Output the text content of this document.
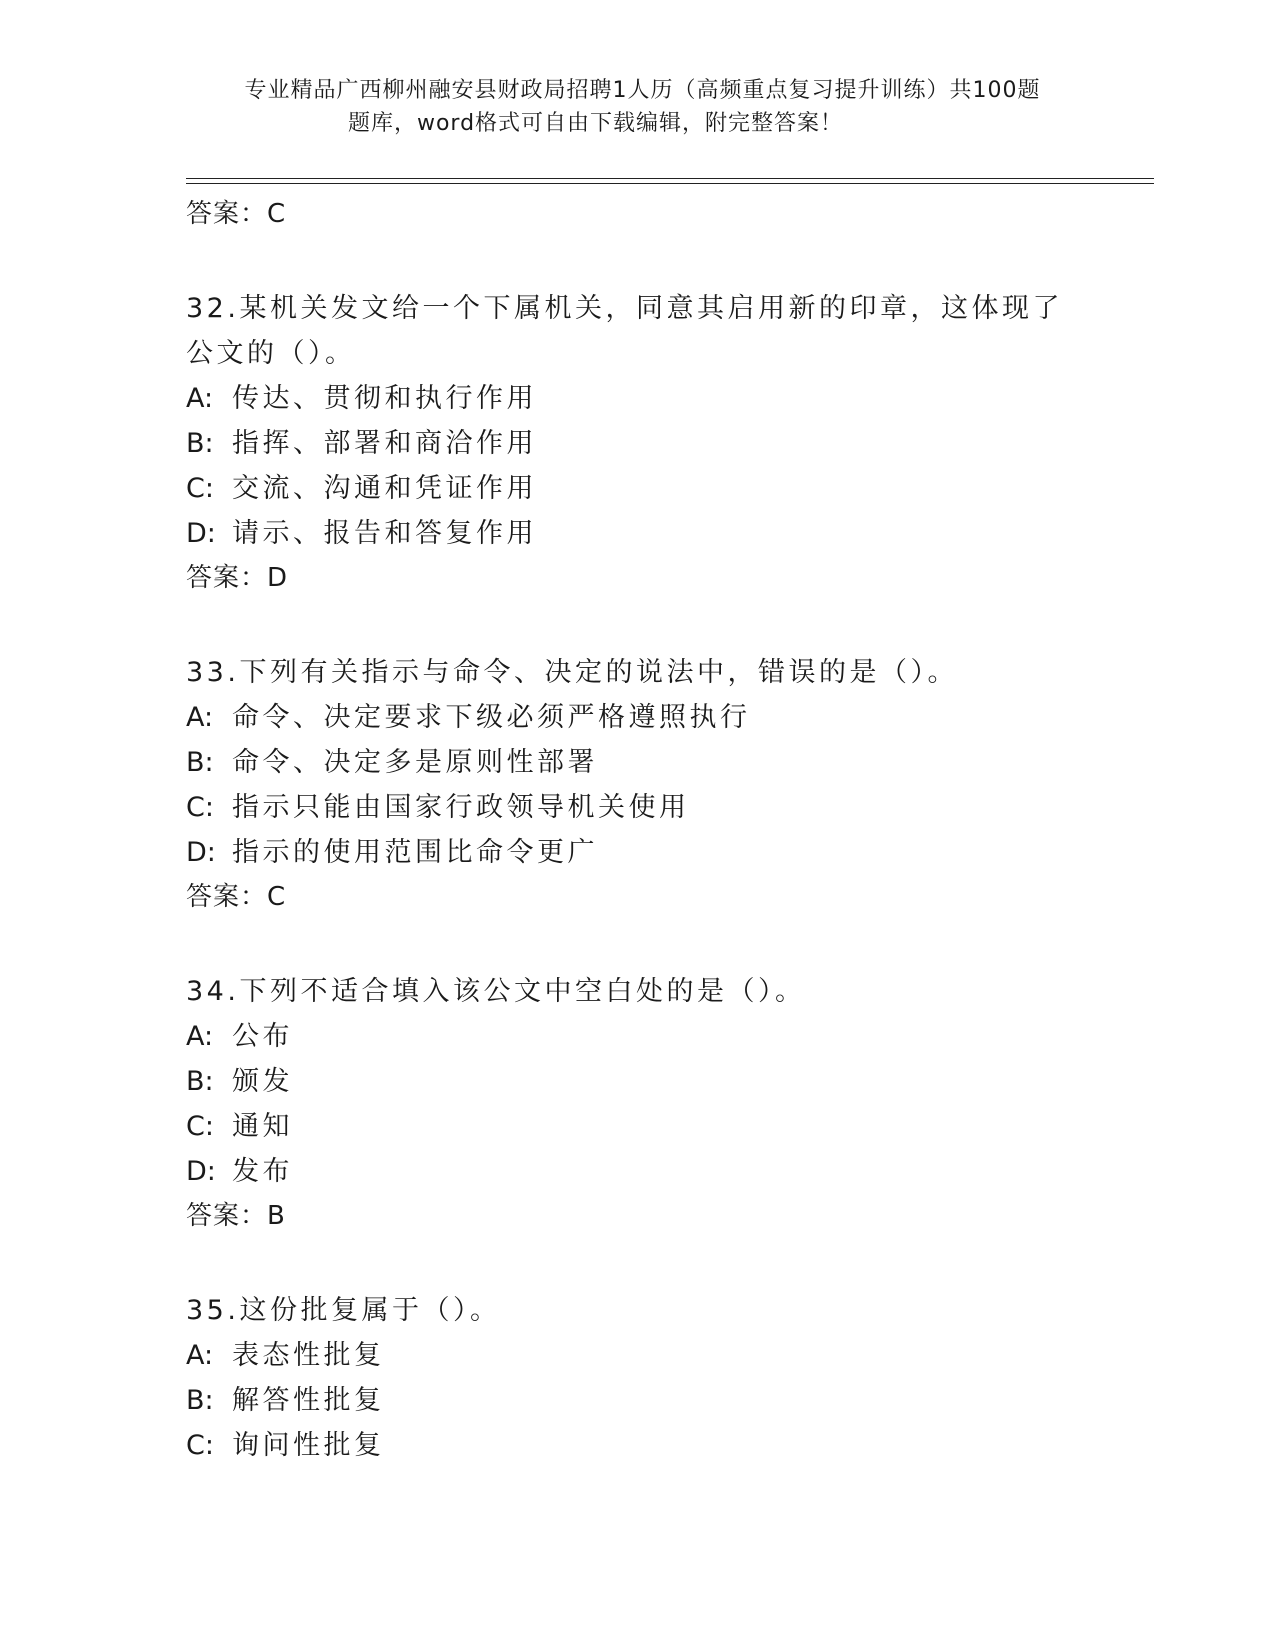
专业精品广西柳州融安县财政局招聘1人历（高频重点复习提升训练）共100题
题库，word格式可自由下载编辑，附完整答案！
答案：C
32.某机关发文给一个下属机关，同意其启用新的印章，这体现了公文的（）。
A: 传达、贯彻和执行作用
B: 指挥、部署和商洽作用
C: 交流、沟通和凭证作用
D: 请示、报告和答复作用
答案：D
33.下列有关指示与命令、决定的说法中，错误的是（）。
A: 命令、决定要求下级必须严格遵照执行
B: 命令、决定多是原则性部署
C: 指示只能由国家行政领导机关使用
D: 指示的使用范围比命令更广
答案：C
34.下列不适合填入该公文中空白处的是（）。
A: 公布
B: 颁发
C: 通知
D: 发布
答案：B
35.这份批复属于（）。
A: 表态性批复
B: 解答性批复
C: 询问性批复
